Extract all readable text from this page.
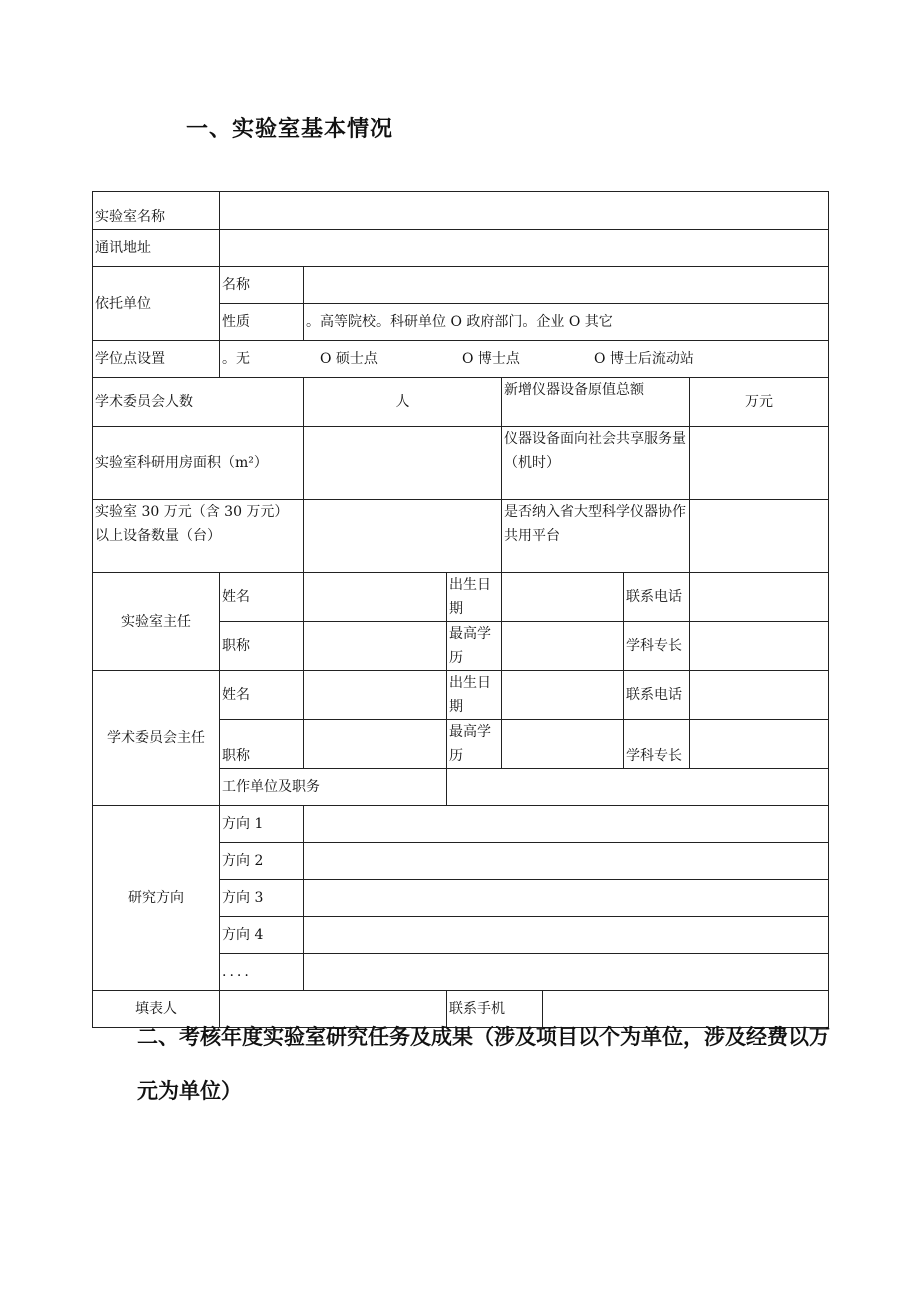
一、实验室基本情况
实验室名称							
通讯地址							
依托单位	名称						
	性质	。高等院校。科研单位 O 政府部门。企业 O 其它					
学位点设置	。无 O 硕士点 O 博士点 O 博士后流动站						
学术委员会人数		人		新增仪器设备原值总额			万元
实验室科研用房面积（m²）				仪器设备面向社会共享服务量（机时）			
实验室 30 万元（含 30 万元）以上设备数量（台）				是否纳入省大型科学仪器协作共用平台			
实验室主任	姓名		出生日期			联系电话	
	职称		最高学历			学科专长	
学术委员会主任	姓名		出生日期			联系电话	
	职称		最高学历			学科专长	
	工作单位及职务						
研究方向	方向 1						
	方向 2						
	方向 3						
	方向 4						
	....						
填表人			联系手机				
二、考核年度实验室研究任务及成果（涉及项目以个为单位，涉及经费以万元为单位）
